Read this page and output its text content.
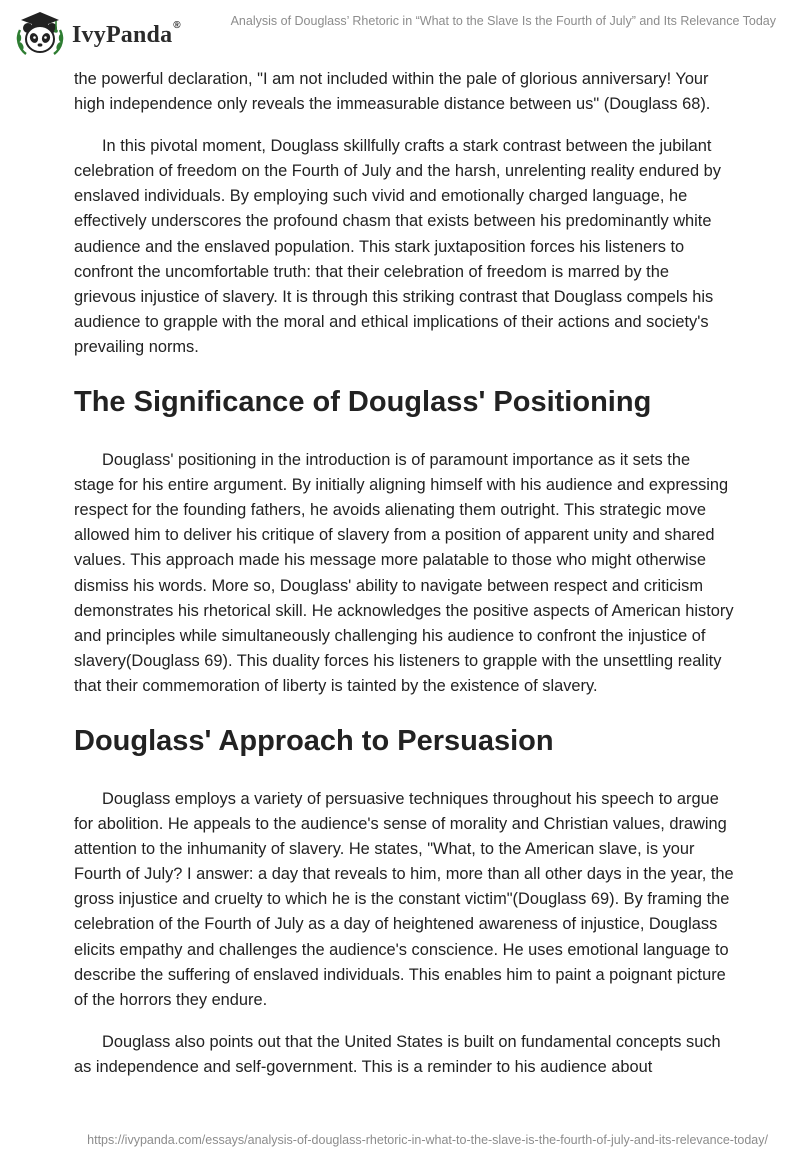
IvyPanda®	Analysis of Douglass’ Rhetoric in “What to the Slave Is the Fourth of July” and Its Relevance Today

the powerful declaration, "I am not included within the pale of glorious anniversary! Your high independence only reveals the immeasurable distance between us" (Douglass 68).

In this pivotal moment, Douglass skillfully crafts a stark contrast between the jubilant celebration of freedom on the Fourth of July and the harsh, unrelenting reality endured by enslaved individuals. By employing such vivid and emotionally charged language, he effectively underscores the profound chasm that exists between his predominantly white audience and the enslaved population. This stark juxtaposition forces his listeners to confront the uncomfortable truth: that their celebration of freedom is marred by the grievous injustice of slavery. It is through this striking contrast that Douglass compels his audience to grapple with the moral and ethical implications of their actions and society's prevailing norms.

The Significance of Douglass' Positioning

Douglass' positioning in the introduction is of paramount importance as it sets the stage for his entire argument. By initially aligning himself with his audience and expressing respect for the founding fathers, he avoids alienating them outright. This strategic move allowed him to deliver his critique of slavery from a position of apparent unity and shared values. This approach made his message more palatable to those who might otherwise dismiss his words. More so, Douglass' ability to navigate between respect and criticism demonstrates his rhetorical skill. He acknowledges the positive aspects of American history and principles while simultaneously challenging his audience to confront the injustice of slavery(Douglass 69). This duality forces his listeners to grapple with the unsettling reality that their commemoration of liberty is tainted by the existence of slavery.

Douglass' Approach to Persuasion

Douglass employs a variety of persuasive techniques throughout his speech to argue for abolition. He appeals to the audience's sense of morality and Christian values, drawing attention to the inhumanity of slavery. He states, "What, to the American slave, is your Fourth of July? I answer: a day that reveals to him, more than all other days in the year, the gross injustice and cruelty to which he is the constant victim"(Douglass 69). By framing the celebration of the Fourth of July as a day of heightened awareness of injustice, Douglass elicits empathy and challenges the audience's conscience. He uses emotional language to describe the suffering of enslaved individuals. This enables him to paint a poignant picture of the horrors they endure.

Douglass also points out that the United States is built on fundamental concepts such as independence and self-government. This is a reminder to his audience about

https://ivypanda.com/essays/analysis-of-douglass-rhetoric-in-what-to-the-slave-is-the-fourth-of-july-and-its-relevance-today/
